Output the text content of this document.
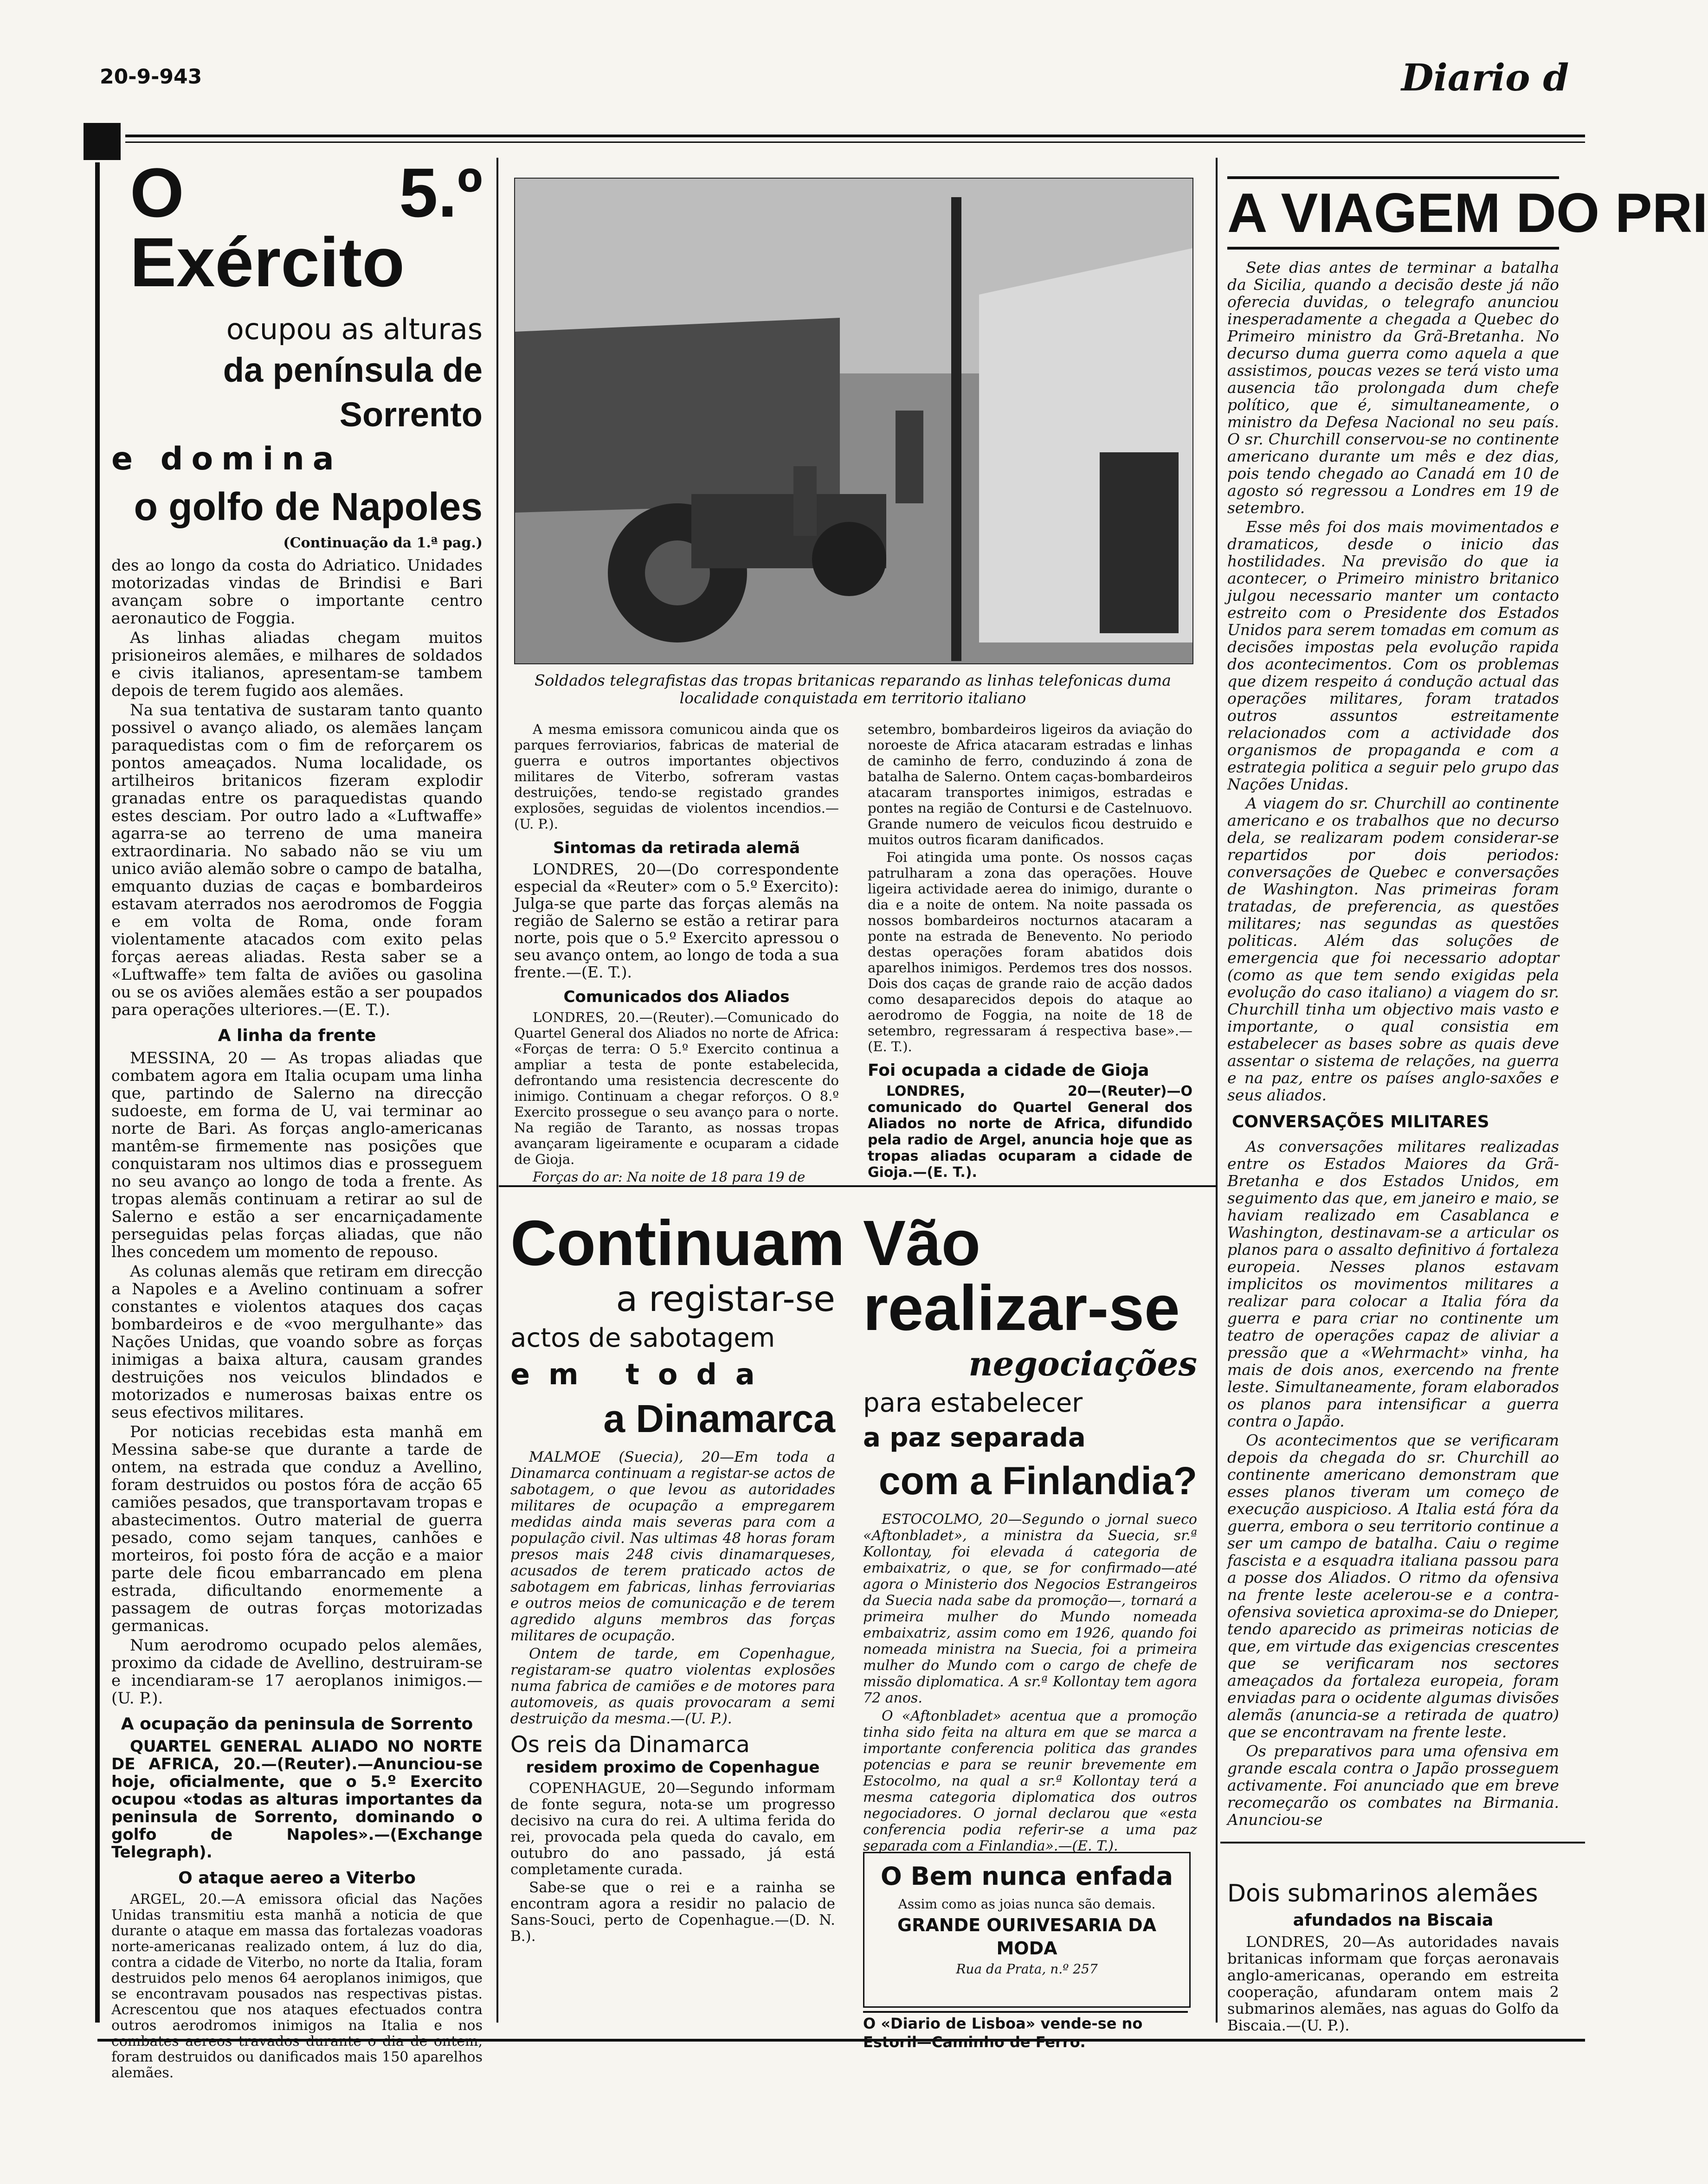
20-9-943	Diario d
O 5.º Exército
ocupou as alturas
da península de Sorrento
e domina
o golfo de Napoles
(Continuação da 1.ª pag.)

des ao longo da costa do Adriatico. Unidades motorizadas vindas de Brindisi e Bari avançam sobre o importante centro aeronautico de Foggia.

As linhas aliadas chegam muitos prisioneiros alemães, e milhares de soldados e civis italianos, apresentam-se tambem depois de terem fugido aos alemães.

Na sua tentativa de sustaram tanto quanto possivel o avanço aliado, os alemães lançam paraquedistas com o fim de reforçarem os pontos ameaçados. Numa localidade, os artilheiros britanicos fizeram explodir granadas entre os paraquedistas quando estes desciam. Por outro lado a «Luftwaffe» agarra-se ao terreno de uma maneira extraordinaria. No sabado não se viu um unico avião alemão sobre o campo de batalha, emquanto duzias de caças e bombardeiros estavam aterrados nos aerodromos de Foggia e em volta de Roma, onde foram violentamente atacados com exito pelas forças aereas aliadas. Resta saber se a «Luftwaffe» tem falta de aviões ou gasolina ou se os aviões alemães estão a ser poupados para operações ulteriores.—(E. T.).

A linha da frente

MESSINA, 20 — As tropas aliadas que combatem agora em Italia ocupam uma linha que, partindo de Salerno na direcção sudoeste, em forma de U, vai terminar ao norte de Bari. As forças anglo-americanas mantêm-se firmemente nas posições que conquistaram nos ultimos dias e prosseguem no seu avanço ao longo de toda a frente. As tropas alemãs continuam a retirar ao sul de Salerno e estão a ser encarniçadamente perseguidas pelas forças aliadas, que não lhes concedem um momento de repouso.

As colunas alemãs que retiram em direcção a Napoles e a Avelino continuam a sofrer constantes e violentos ataques dos caças bombardeiros e de «voo mergulhante» das Nações Unidas, que voando sobre as forças inimigas a baixa altura, causam grandes destruições nos veiculos blindados e motorizados e numerosas baixas entre os seus efectivos militares.

Por noticias recebidas esta manhã em Messina sabe-se que durante a tarde de ontem, na estrada que conduz a Avellino, foram destruidos ou postos fóra de acção 65 camiões pesados, que transportavam tropas e abastecimentos. Outro material de guerra pesado, como sejam tanques, canhões e morteiros, foi posto fóra de acção e a maior parte dele ficou embarrancado em plena estrada, dificultando enormemente a passagem de outras forças motorizadas germanicas.

Num aerodromo ocupado pelos alemães, proximo da cidade de Avellino, destruiram-se e incendiaram-se 17 aeroplanos inimigos.—(U. P.).

A ocupação da peninsula de Sorrento

QUARTEL GENERAL ALIADO NO NORTE DE AFRICA, 20.—(Reuter).—Anunciou-se hoje, oficialmente, que o 5.º Exercito ocupou «todas as alturas importantes da peninsula de Sorrento, dominando o golfo de Napoles».—(Exchange Telegraph).

O ataque aereo a Viterbo

ARGEL, 20.—A emissora oficial das Nações Unidas transmitiu esta manhã a noticia de que durante o ataque em massa das fortalezas voadoras norte-americanas realizado ontem, á luz do dia, contra a cidade de Viterbo, no norte da Italia, foram destruidos pelo menos 64 aeroplanos inimigos, que se encontravam pousados nas respectivas pistas. Acrescentou que nos ataques efectuados contra outros aerodromos inimigos na Italia e nos combates aereos travados durante o dia de ontem, foram destruidos ou danificados mais 150 aparelhos alemães.

Soldados telegrafistas das tropas britanicas reparando as linhas telefonicas duma localidade conquistada em territorio italiano

A mesma emissora comunicou ainda que os parques ferroviarios, fabricas de material de guerra e outros importantes objectivos militares de Viterbo, sofreram vastas destruições, tendo-se registado grandes explosões, seguidas de violentos incendios.—(U. P.).

Sintomas da retirada alemã

LONDRES, 20—(Do correspondente especial da «Reuter» com o 5.º Exercito): Julga-se que parte das forças alemãs na região de Salerno se estão a retirar para norte, pois que o 5.º Exercito apressou o seu avanço ontem, ao longo de toda a sua frente.—(E. T.).

Comunicados dos Aliados

LONDRES, 20.—(Reuter).—Comunicado do Quartel General dos Aliados no norte de Africa: «Forças de terra: O 5.º Exercito continua a ampliar a testa de ponte estabelecida, defrontando uma resistencia decrescente do inimigo. Continuam a chegar reforços. O 8.º Exercito prossegue o seu avanço para o norte. Na região de Taranto, as nossas tropas avançaram ligeiramente e ocuparam a cidade de Gioja.

Forças do ar: Na noite de 18 para 19 de

setembro, bombardeiros ligeiros da aviação do noroeste de Africa atacaram estradas e linhas de caminho de ferro, conduzindo á zona de batalha de Salerno. Ontem caças-bombardeiros atacaram transportes inimigos, estradas e pontes na região de Contursi e de Castelnuovo. Grande numero de veiculos ficou destruido e muitos outros ficaram danificados.

Foi atingida uma ponte. Os nossos caças patrulharam a zona das operações. Houve ligeira actividade aerea do inimigo, durante o dia e a noite de ontem. Na noite passada os nossos bombardeiros nocturnos atacaram a ponte na estrada de Benevento. No periodo destas operações foram abatidos dois aparelhos inimigos. Perdemos tres dos nossos. Dois dos caças de grande raio de acção dados como desaparecidos depois do ataque ao aerodromo de Foggia, na noite de 18 de setembro, regressaram á respectiva base».—(E. T.).

Foi ocupada a cidade de Gioja

LONDRES, 20—(Reuter)—O comunicado do Quartel General dos Aliados no norte de Africa, difundido pela radio de Argel, anuncia hoje que as tropas aliadas ocuparam a cidade de Gioja.—(E. T.).

Continuam
a registar-se
actos de sabotagem
em toda
a Dinamarca

MALMOE (Suecia), 20—Em toda a Dinamarca continuam a registar-se actos de sabotagem, o que levou as autoridades militares de ocupação a empregarem medidas ainda mais severas para com a população civil. Nas ultimas 48 horas foram presos mais 248 civis dinamarqueses, acusados de terem praticado actos de sabotagem em fabricas, linhas ferroviarias e outros meios de comunicação e de terem agredido alguns membros das forças militares de ocupação.

Ontem de tarde, em Copenhague, registaram-se quatro violentas explosões numa fabrica de camiões e de motores para automoveis, as quais provocaram a semi destruição da mesma.—(U. P.).

Os reis da Dinamarca
residem proximo de Copenhague

COPENHAGUE, 20—Segundo informam de fonte segura, nota-se um progresso decisivo na cura do rei. A ultima ferida do rei, provocada pela queda do cavalo, em outubro do ano passado, já está completamente curada.

Sabe-se que o rei e a rainha se encontram agora a residir no palacio de Sans-Souci, perto de Copenhague.—(D. N. B.).

Vão realizar-se
negociações
para estabelecer
a paz separada
com a Finlandia?

ESTOCOLMO, 20—Segundo o jornal sueco «Aftonbladet», a ministra da Suecia, sr.ª Kollontay, foi elevada á categoria de embaixatriz, o que, se for confirmado—até agora o Ministerio dos Negocios Estrangeiros da Suecia nada sabe da promoção—, tornará a primeira mulher do Mundo nomeada embaixatriz, assim como em 1926, quando foi nomeada ministra na Suecia, foi a primeira mulher do Mundo com o cargo de chefe de missão diplomatica. A sr.ª Kollontay tem agora 72 anos.

O «Aftonbladet» acentua que a promoção tinha sido feita na altura em que se marca a importante conferencia politica das grandes potencias e para se reunir brevemente em Estocolmo, na qual a sr.ª Kollontay terá a mesma categoria diplomatica dos outros negociadores. O jornal declarou que «esta conferencia podia referir-se a uma paz separada com a Finlandia».—(E. T.).

O Bem nunca enfada
Assim como as joias nunca são demais.
GRANDE OURIVESARIA DA MODA
Rua da Prata, n.º 257
O «Diario de Lisboa» vende-se no Estoril—Caminho de Ferro.
A VIAGEM DO PRI

Sete dias antes de terminar a batalha da Sicilia, quando a decisão deste já não oferecia duvidas, o telegrafo anunciou inesperadamente a chegada a Quebec do Primeiro ministro da Grã-Bretanha. No decurso duma guerra como aquela a que assistimos, poucas vezes se terá visto uma ausencia tão prolongada dum chefe político, que é, simultaneamente, o ministro da Defesa Nacional no seu país. O sr. Churchill conservou-se no continente americano durante um mês e dez dias, pois tendo chegado ao Canadá em 10 de agosto só regressou a Londres em 19 de setembro.

Esse mês foi dos mais movimentados e dramaticos, desde o inicio das hostilidades. Na previsão do que ia acontecer, o Primeiro ministro britanico julgou necessario manter um contacto estreito com o Presidente dos Estados Unidos para serem tomadas em comum as decisões impostas pela evolução rapida dos acontecimentos. Com os problemas que dizem respeito á condução actual das operações militares, foram tratados outros assuntos estreitamente relacionados com a actividade dos organismos de propaganda e com a estrategia politica a seguir pelo grupo das Nações Unidas.

A viagem do sr. Churchill ao continente americano e os trabalhos que no decurso dela, se realizaram podem considerar-se repartidos por dois periodos: conversações de Quebec e conversações de Washington. Nas primeiras foram tratadas, de preferencia, as questões militares; nas segundas as questões politicas. Além das soluções de emergencia que foi necessario adoptar (como as que tem sendo exigidas pela evolução do caso italiano) a viagem do sr. Churchill tinha um objectivo mais vasto e importante, o qual consistia em estabelecer as bases sobre as quais deve assentar o sistema de relações, na guerra e na paz, entre os países anglo-saxões e seus aliados.

CONVERSAÇÕES MILITARES

As conversações militares realizadas entre os Estados Maiores da Grã-Bretanha e dos Estados Unidos, em seguimento das que, em janeiro e maio, se haviam realizado em Casablanca e Washington, destinavam-se a articular os planos para o assalto definitivo á fortaleza europeia. Nesses planos estavam implicitos os movimentos militares a realizar para colocar a Italia fóra da guerra e para criar no continente um teatro de operações capaz de aliviar a pressão que a «Wehrmacht» vinha, ha mais de dois anos, exercendo na frente leste. Simultaneamente, foram elaborados os planos para intensificar a guerra contra o Japão.

Os acontecimentos que se verificaram depois da chegada do sr. Churchill ao continente americano demonstram que esses planos tiveram um começo de execução auspicioso. A Italia está fóra da guerra, embora o seu territorio continue a ser um campo de batalha. Caiu o regime fascista e a esquadra italiana passou para a posse dos Aliados. O ritmo da ofensiva na frente leste acelerou-se e a contra-ofensiva sovietica aproxima-se do Dnieper, tendo aparecido as primeiras noticias de que, em virtude das exigencias crescentes que se verificaram nos sectores ameaçados da fortaleza europeia, foram enviadas para o ocidente algumas divisões alemãs (anuncia-se a retirada de quatro) que se encontravam na frente leste.

Os preparativos para uma ofensiva em grande escala contra o Japão prosseguem activamente. Foi anunciado que em breve recomeçarão os combates na Birmania. Anunciou-se

Dois submarinos alemães
afundados na Biscaia

LONDRES, 20—As autoridades navais britanicas informam que forças aeronavais anglo-americanas, operando em estreita cooperação, afundaram ontem mais 2 submarinos alemães, nas aguas do Golfo da Biscaia.—(U. P.).
